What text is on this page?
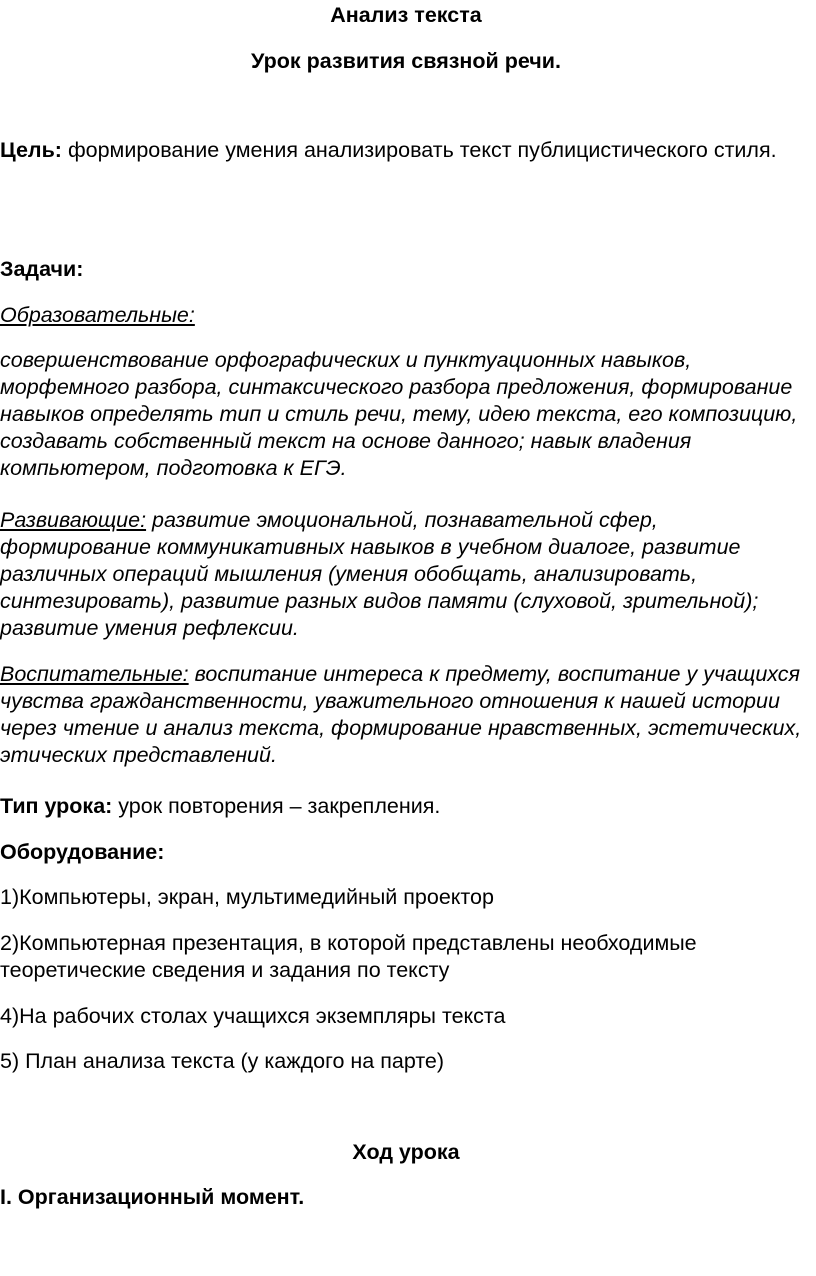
Анализ текста

Урок развития связной речи.

Цель: формирование умения анализировать текст публицистического стиля.

Задачи:

Образовательные:

совершенствование орфографических и пунктуационных навыков, морфемного разбора, синтаксического разбора предложения, формирование навыков определять тип и стиль речи, тему, идею текста, его композицию, создавать собственный текст на основе данного; навык владения компьютером, подготовка к ЕГЭ.

Развивающие: развитие эмоциональной, познавательной сфер, формирование коммуникативных навыков в учебном диалоге, развитие различных операций мышления (умения обобщать, анализировать, синтезировать), развитие разных видов памяти (слуховой, зрительной); развитие умения рефлексии.

Воспитательные: воспитание интереса к предмету, воспитание у учащихся чувства гражданственности, уважительного отношения к нашей истории через чтение и анализ текста, формирование нравственных, эстетических, этических представлений.

Тип урока: урок повторения – закрепления.

Оборудование:

1)Компьютеры, экран, мультимедийный проектор

2)Компьютерная презентация, в которой представлены необходимые теоретические сведения и задания по тексту

4)На рабочих столах учащихся экземпляры текста

5) План анализа текста (у каждого на парте)

Ход урока

I. Организационный момент.
